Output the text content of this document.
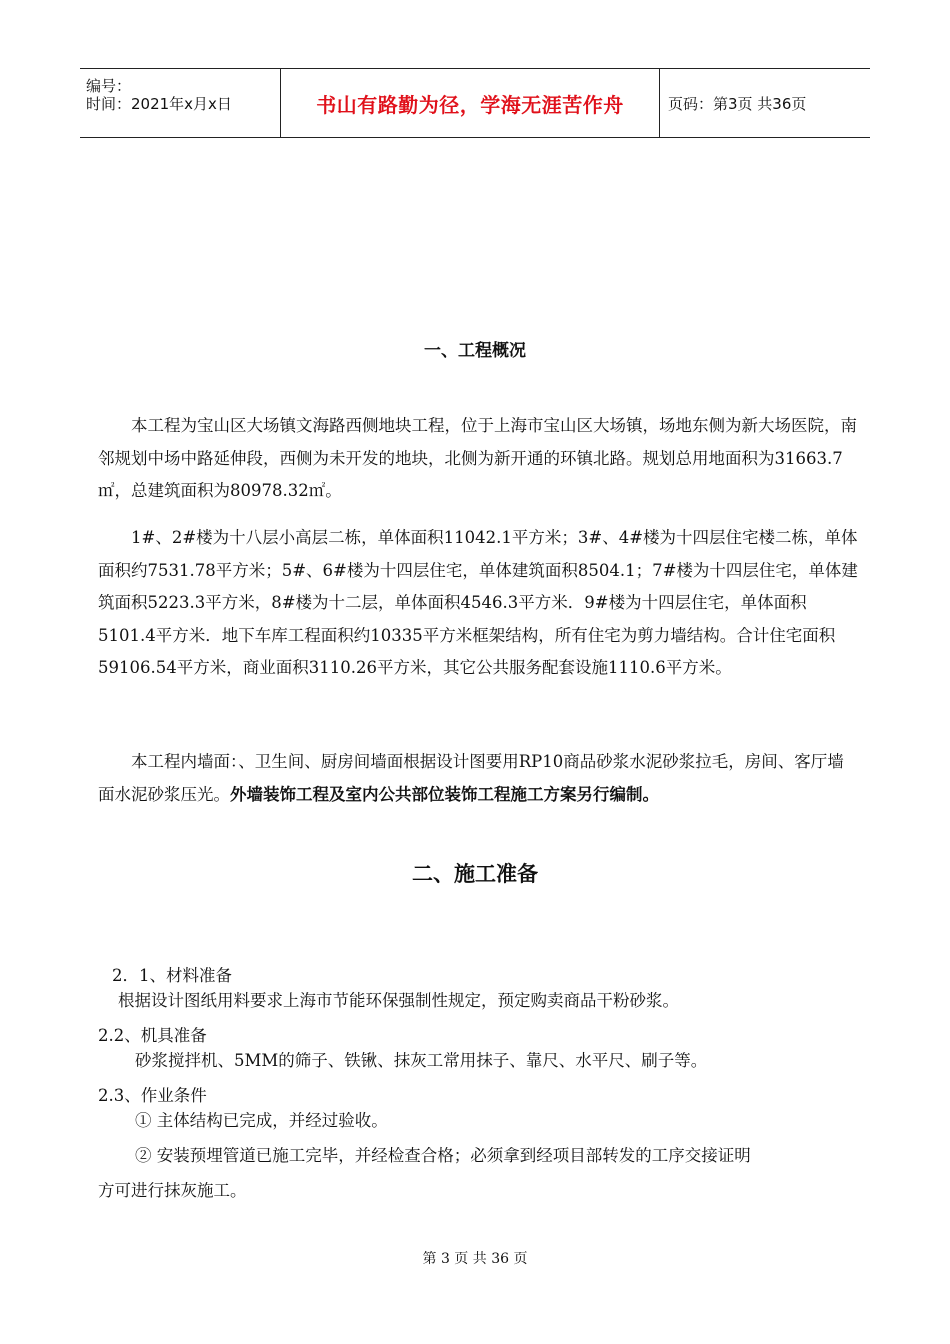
编号：
时间：2021年x月x日	书山有路勤为径，学海无涯苦作舟	页码：第3页 共36页
一、工程概况

本工程为宝山区大场镇文海路西侧地块工程，位于上海市宝山区大场镇，场地东侧为新大场医院，南邻规划中场中路延伸段，西侧为未开发的地块，北侧为新开通的环镇北路。规划总用地面积为31663.7㎡，总建筑面积为80978.32㎡。

1#、2#楼为十八层小高层二栋，单体面积11042.1平方米；3#、4#楼为十四层住宅楼二栋，单体面积约7531.78平方米；5#、6#楼为十四层住宅，单体建筑面积8504.1；7#楼为十四层住宅，单体建筑面积5223.3平方米，8#楼为十二层，单体面积4546.3平方米．9#楼为十四层住宅，单体面积5101.4平方米．地下车库工程面积约10335平方米框架结构，所有住宅为剪力墙结构。合计住宅面积59106.54平方米，商业面积3110.26平方米，其它公共服务配套设施1110.6平方米。

本工程内墙面：、卫生间、厨房间墙面根据设计图要用RP10商品砂浆水泥砂浆拉毛，房间、客厅墙面水泥砂浆压光。外墙装饰工程及室内公共部位装饰工程施工方案另行编制。

二、施工准备
2．1、材料准备
根据设计图纸用料要求上海市节能环保强制性规定，预定购卖商品干粉砂浆。
2.2、机具准备
砂浆搅拌机、5MM的筛子、铁锹、抹灰工常用抹子、靠尺、水平尺、刷子等。
2.3、作业条件
① 主体结构已完成，并经过验收。
② 安装预埋管道已施工完毕，并经检查合格；必须拿到经项目部转发的工序交接证明
方可进行抹灰施工。
第 3 页 共 36 页
